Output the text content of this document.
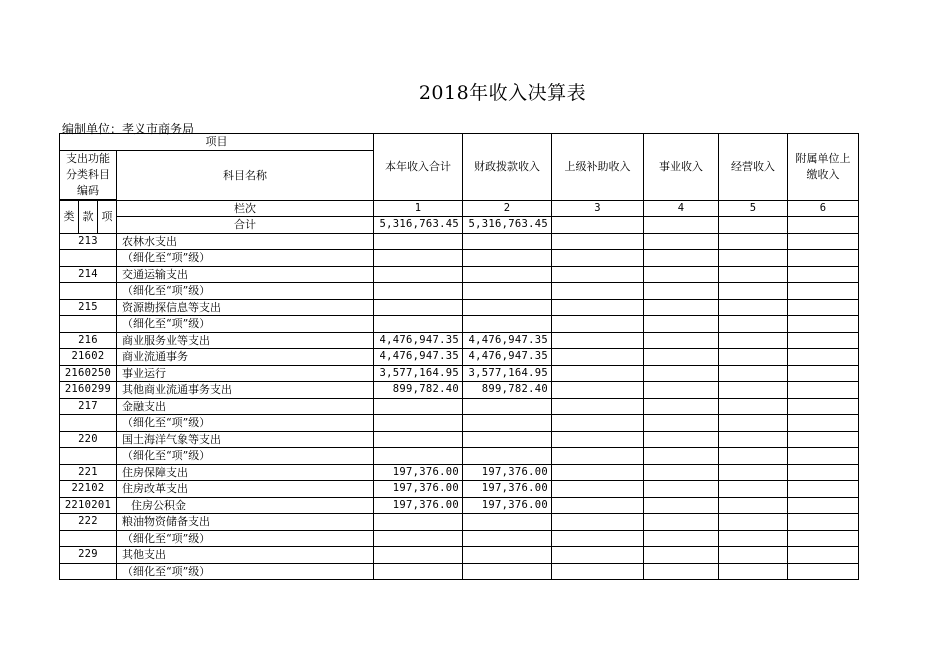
2018年收入决算表
编制单位：孝义市商务局
项目				本年收入合计	财政拨款收入	上级补助收入	事业收入	经营收入	附属单位上缴收入
支出功能分类科目编码			科目名称						

类	款	项	栏次	1	2	3	4	5	6
			合计	5,316,763.45	5,316,763.45				
213			农林水支出						
			（细化至“项”级）						
214			交通运输支出						
			（细化至“项”级）						
215			资源勘探信息等支出						
			（细化至“项”级）						
216			商业服务业等支出	4,476,947.35	4,476,947.35				
21602			商业流通事务	4,476,947.35	4,476,947.35				
2160250			事业运行	3,577,164.95	3,577,164.95				
2160299			其他商业流通事务支出	899,782.40	899,782.40				
217			金融支出						
			（细化至“项”级）						
220			国土海洋气象等支出						
			（细化至“项”级）						
221			住房保障支出	197,376.00	197,376.00				
22102			住房改革支出	197,376.00	197,376.00				
2210201			住房公积金	197,376.00	197,376.00				
222			粮油物资储备支出						
			（细化至“项”级）						
229			其他支出						
			（细化至“项”级）						
